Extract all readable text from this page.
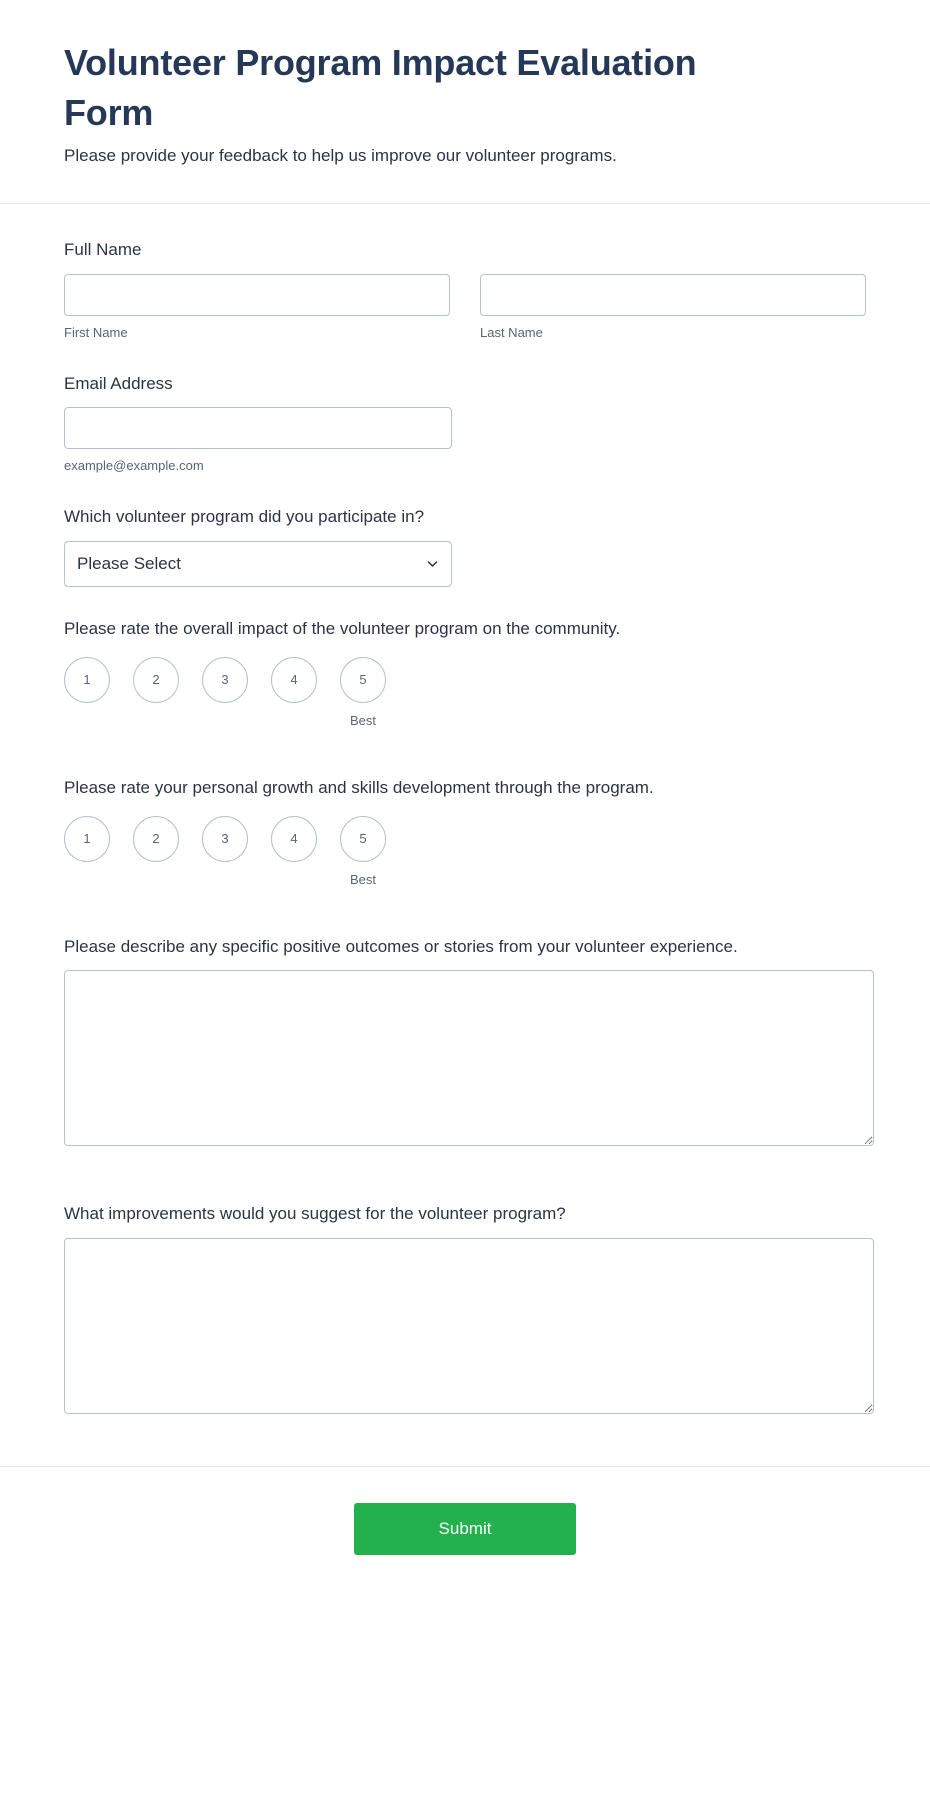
Volunteer Program Impact Evaluation Form

Please provide your feedback to help us improve our volunteer programs.

Full Name
First Name	Last Name
Email Address
example@example.com
Which volunteer program did you participate in?
Please Select
Please rate the overall impact of the volunteer program on the community.
1	2	3	4	5
Best
Please rate your personal growth and skills development through the program.
1	2	3	4	5
Best
Please describe any specific positive outcomes or stories from your volunteer experience.
What improvements would you suggest for the volunteer program?
Submit
